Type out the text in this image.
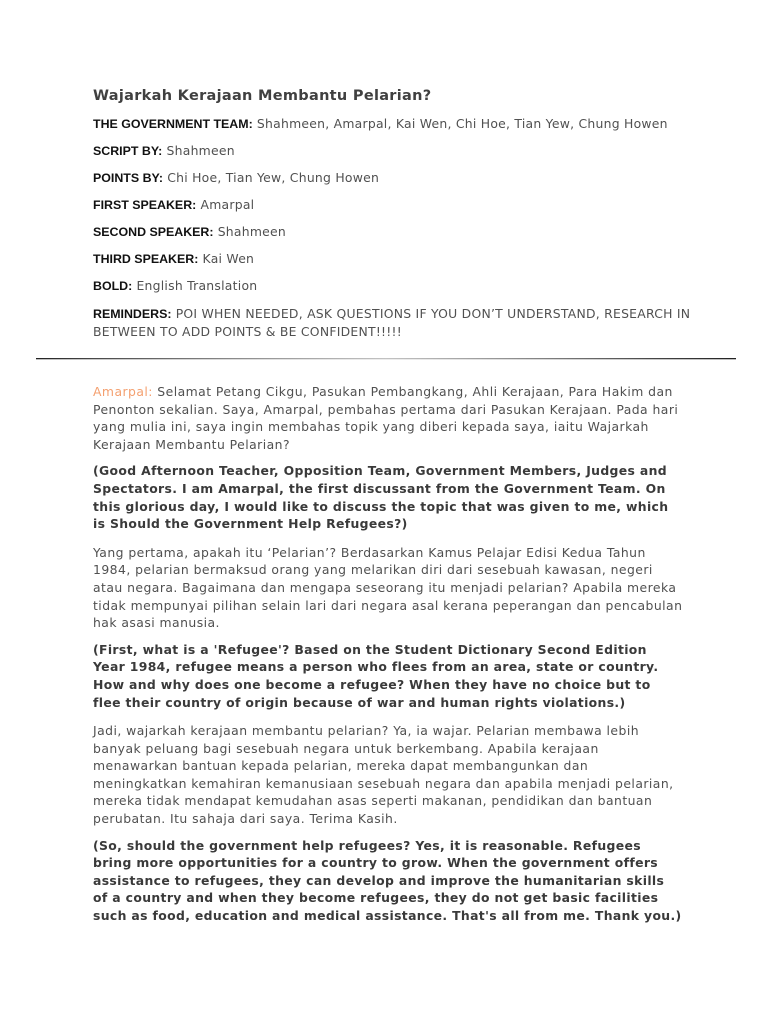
Wajarkah Kerajaan Membantu Pelarian?
THE GOVERNMENT TEAM: Shahmeen, Amarpal, Kai Wen, Chi Hoe, Tian Yew, Chung Howen
SCRIPT BY: Shahmeen
POINTS BY: Chi Hoe, Tian Yew, Chung Howen
FIRST SPEAKER: Amarpal
SECOND SPEAKER: Shahmeen
THIRD SPEAKER: Kai Wen
BOLD: English Translation
REMINDERS: POI WHEN NEEDED, ASK QUESTIONS IF YOU DON’T UNDERSTAND, RESEARCH IN BETWEEN TO ADD POINTS & BE CONFIDENT!!!!!

Amarpal: Selamat Petang Cikgu, Pasukan Pembangkang, Ahli Kerajaan, Para Hakim dan Penonton sekalian. Saya, Amarpal, pembahas pertama dari Pasukan Kerajaan. Pada hari yang mulia ini, saya ingin membahas topik yang diberi kepada saya, iaitu Wajarkah Kerajaan Membantu Pelarian?

(Good Afternoon Teacher, Opposition Team, Government Members, Judges and Spectators. I am Amarpal, the first discussant from the Government Team. On this glorious day, I would like to discuss the topic that was given to me, which is Should the Government Help Refugees?)

Yang pertama, apakah itu ‘Pelarian’? Berdasarkan Kamus Pelajar Edisi Kedua Tahun 1984, pelarian bermaksud orang yang melarikan diri dari sesebuah kawasan, negeri atau negara. Bagaimana dan mengapa seseorang itu menjadi pelarian? Apabila mereka tidak mempunyai pilihan selain lari dari negara asal kerana peperangan dan pencabulan hak asasi manusia.

(First, what is a 'Refugee'? Based on the Student Dictionary Second Edition Year 1984, refugee means a person who flees from an area, state or country. How and why does one become a refugee? When they have no choice but to flee their country of origin because of war and human rights violations.)

Jadi, wajarkah kerajaan membantu pelarian? Ya, ia wajar. Pelarian membawa lebih banyak peluang bagi sesebuah negara untuk berkembang. Apabila kerajaan menawarkan bantuan kepada pelarian, mereka dapat membangunkan dan meningkatkan kemahiran kemanusiaan sesebuah negara dan apabila menjadi pelarian, mereka tidak mendapat kemudahan asas seperti makanan, pendidikan dan bantuan perubatan. Itu sahaja dari saya. Terima Kasih.

(So, should the government help refugees? Yes, it is reasonable. Refugees bring more opportunities for a country to grow. When the government offers assistance to refugees, they can develop and improve the humanitarian skills of a country and when they become refugees, they do not get basic facilities such as food, education and medical assistance. That's all from me. Thank you.)
